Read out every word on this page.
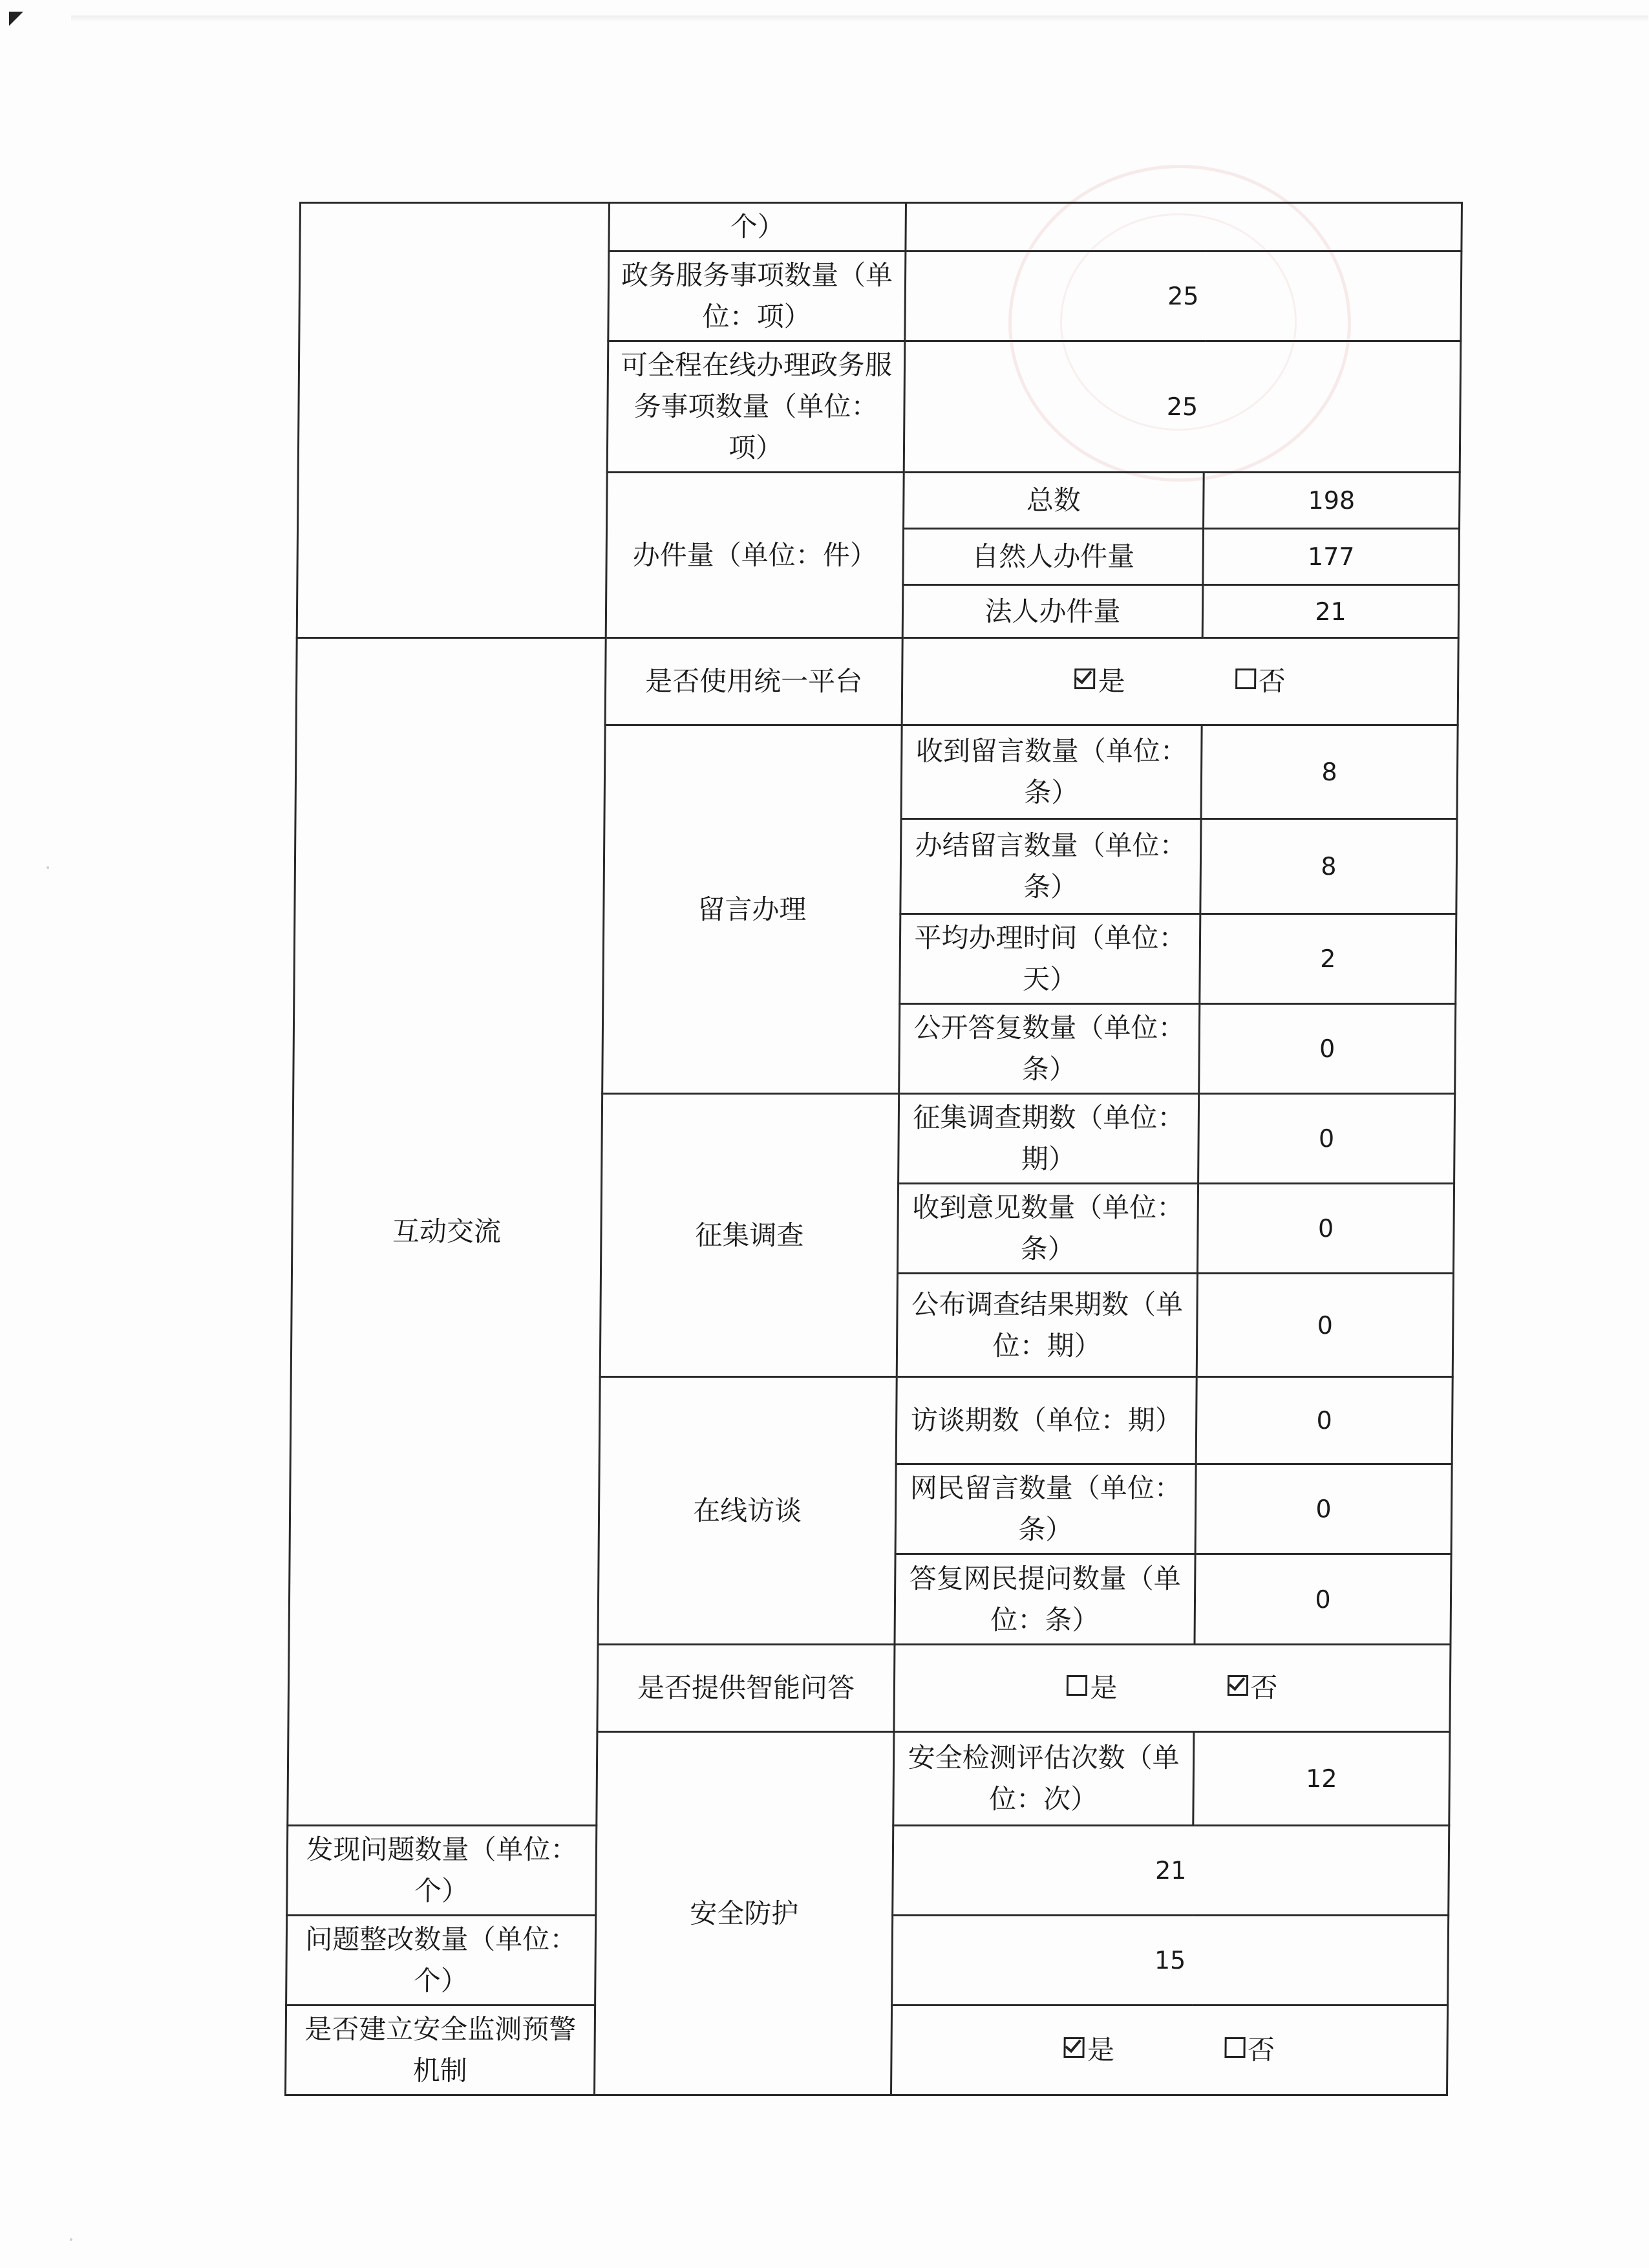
	个）		
	政务服务事项数量（单位：项）	25	
	可全程在线办理政务服务事项数量（单位：项）	25	
	办件量（单位：件）	总数	198
		自然人办件量	177
		法人办件量	21
互动交流	是否使用统一平台	是 否	

	留言办理	收到留言数量（单位：条）	8
		办结留言数量（单位：条）	8
		平均办理时间（单位：天）	2
		公开答复数量（单位：条）	0
	征集调查	征集调查期数（单位：期）	0
		收到意见数量（单位：条）	0
		公布调查结果期数（单位：期）	0
	在线访谈	访谈期数（单位：期）	0
		网民留言数量（单位：条）	0
		答复网民提问数量（单位：条）	0
	是否提供智能问答	是 否	

	安全防护	安全检测评估次数（单位：次）	12
发现问题数量（单位：个）		21	
问题整改数量（单位：个）		15	
是否建立安全监测预警机制		是 否	
